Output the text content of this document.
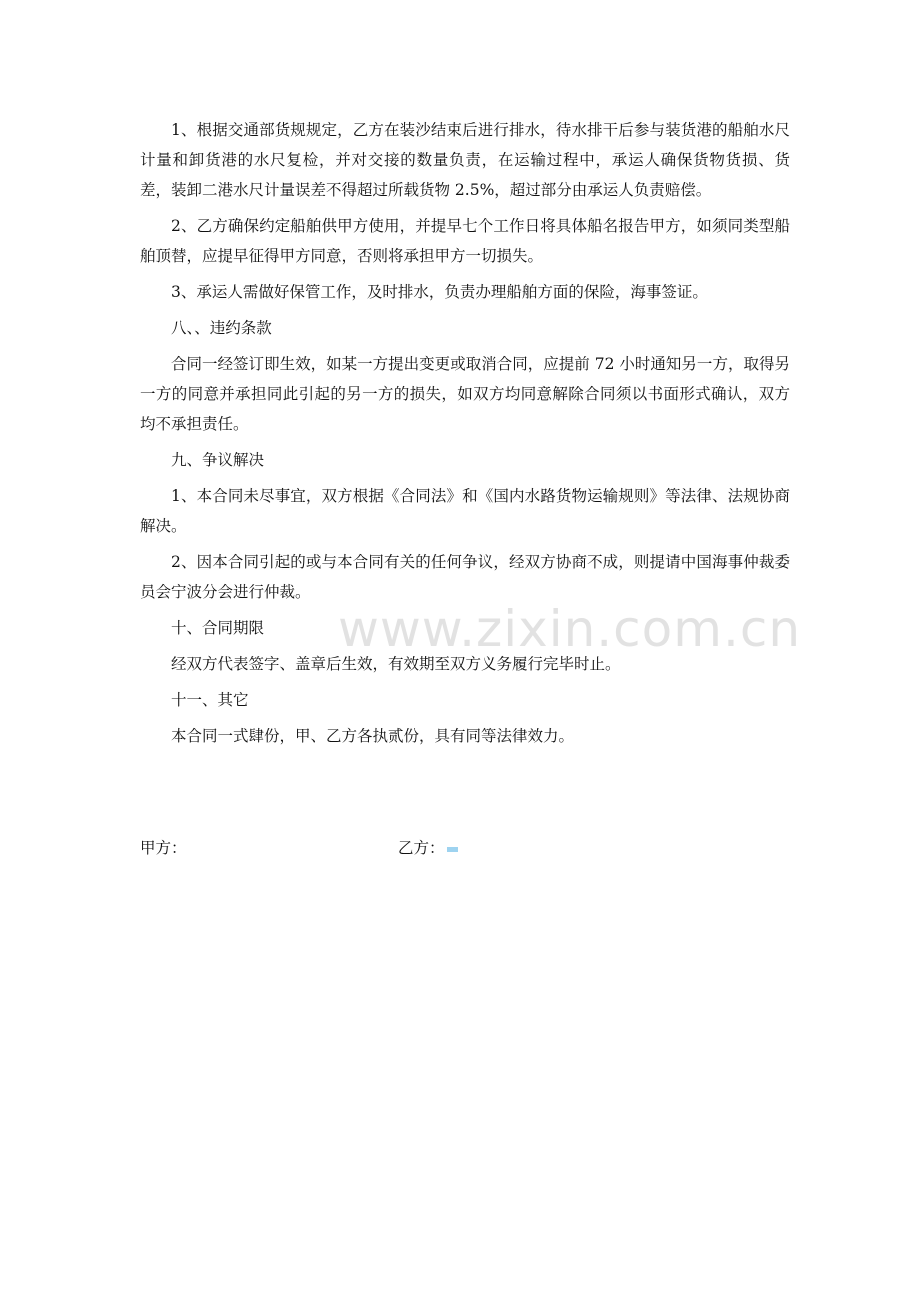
1、根据交通部货规规定，乙方在装沙结束后进行排水，待水排干后参与装货港的船舶水尺计量和卸货港的水尺复检，并对交接的数量负责，在运输过程中，承运人确保货物货损、货差，装卸二港水尺计量误差不得超过所载货物 2.5%，超过部分由承运人负责赔偿。

2、乙方确保约定船舶供甲方使用，并提早七个工作日将具体船名报告甲方，如须同类型船舶顶替，应提早征得甲方同意，否则将承担甲方一切损失。

3、承运人需做好保管工作，及时排水，负责办理船舶方面的保险，海事签证。

八、、违约条款

合同一经签订即生效，如某一方提出变更或取消合同，应提前 72 小时通知另一方，取得另一方的同意并承担同此引起的另一方的损失，如双方均同意解除合同须以书面形式确认，双方均不承担责任。

九、争议解决

1、本合同未尽事宜，双方根据《合同法》和《国内水路货物运输规则》等法律、法规协商解决。

2、因本合同引起的或与本合同有关的任何争议，经双方协商不成，则提请中国海事仲裁委员会宁波分会进行仲裁。

十、合同期限

经双方代表签字、盖章后生效，有效期至双方义务履行完毕时止。

十一、其它

本合同一式肆份，甲、乙方各执贰份，具有同等法律效力。

甲方：	乙方：
www.zixin.com.cn
